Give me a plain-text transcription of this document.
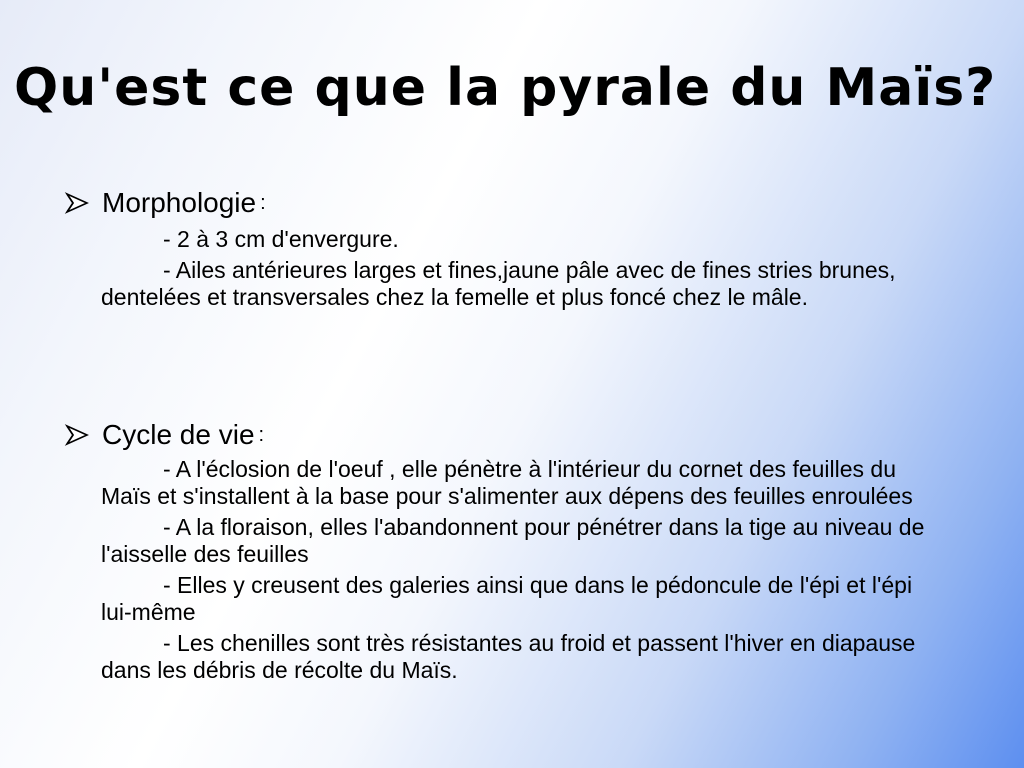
Qu'est ce que la pyrale du Maïs?
Morphologie :

- 2 à 3 cm d'envergure.

- Ailes antérieures larges et fines,jaune pâle avec de fines stries brunes, dentelées et transversales chez la femelle et plus foncé chez le mâle.

Cycle de vie :

- A l'éclosion de l'oeuf , elle pénètre à l'intérieur du cornet des feuilles du Maïs et s'installent à la base pour s'alimenter aux dépens des feuilles enroulées

- A la floraison, elles l'abandonnent pour pénétrer dans la tige au niveau de l'aisselle des feuilles

- Elles y creusent des galeries ainsi que dans le pédoncule de l'épi et l'épi lui-même

- Les chenilles sont très résistantes au froid et passent l'hiver en diapause dans les débris de récolte du Maïs.
